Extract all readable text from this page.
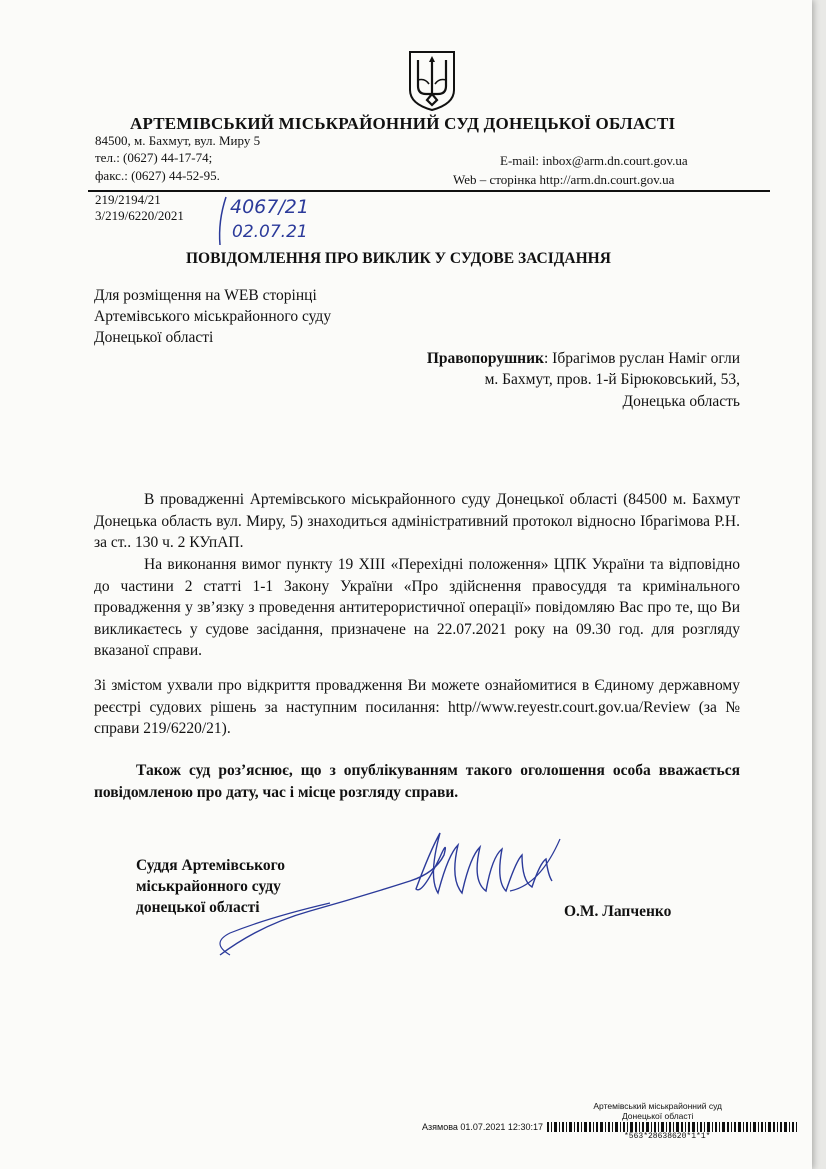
АРТЕМІВСЬКИЙ МІСЬКРАЙОННИЙ СУД ДОНЕЦЬКОЇ ОБЛАСТІ
84500, м. Бахмут, вул. Миру 5
тел.: (0627) 44-17-74;
факс.: (0627) 44-52-95.
E-mail: inbox@arm.dn.court.gov.ua
Web – сторінка http://arm.dn.court.gov.ua
219/2194/21
3/219/6220/2021 4067/21
02.07.21
ПОВІДОМЛЕННЯ ПРО ВИКЛИК У СУДОВЕ ЗАСІДАННЯ
Для розміщення на WEB сторінці
Артемівського міськрайонного суду
Донецької області
Правопорушник: Ібрагімов руслан Наміг огли
м. Бахмут, пров. 1-й Бірюковський, 53,
Донецька область
В провадженні Артемівського міськрайонного суду Донецької області (84500 м. Бахмут Донецька область вул. Миру, 5) знаходиться адміністративний протокол відносно Ібрагімова Р.Н. за ст.. 130 ч. 2 КУпАП.
На виконання вимог пункту 19 ХІІІ «Перехідні положення» ЦПК України та відповідно до частини 2 статті 1-1 Закону України «Про здійснення правосуддя та кримінального провадження у зв’язку з проведення антитерористичної операції» повідомляю Вас про те, що Ви викликаєтесь у судове засідання, призначене на 22.07.2021 року на 09.30 год. для розгляду вказаної справи.
Зі змістом ухвали про відкриття провадження Ви можете ознайомитися в Єдиному державному реєстрі судових рішень за наступним посилання: http//www.reyestr.court.gov.ua/Review (за № справи 219/6220/21).
Також суд роз’яснює, що з опублікуванням такого оголошення особа вважається повідомленою про дату, час і місце розгляду справи.
Суддя Артемівського
міськрайонного суду
донецької області	О.М. Лапченко
Артемівський міськрайонний суд
Донецької області
Азямова 01.07.2021 12:30:17
*563*28638620*1*1*
